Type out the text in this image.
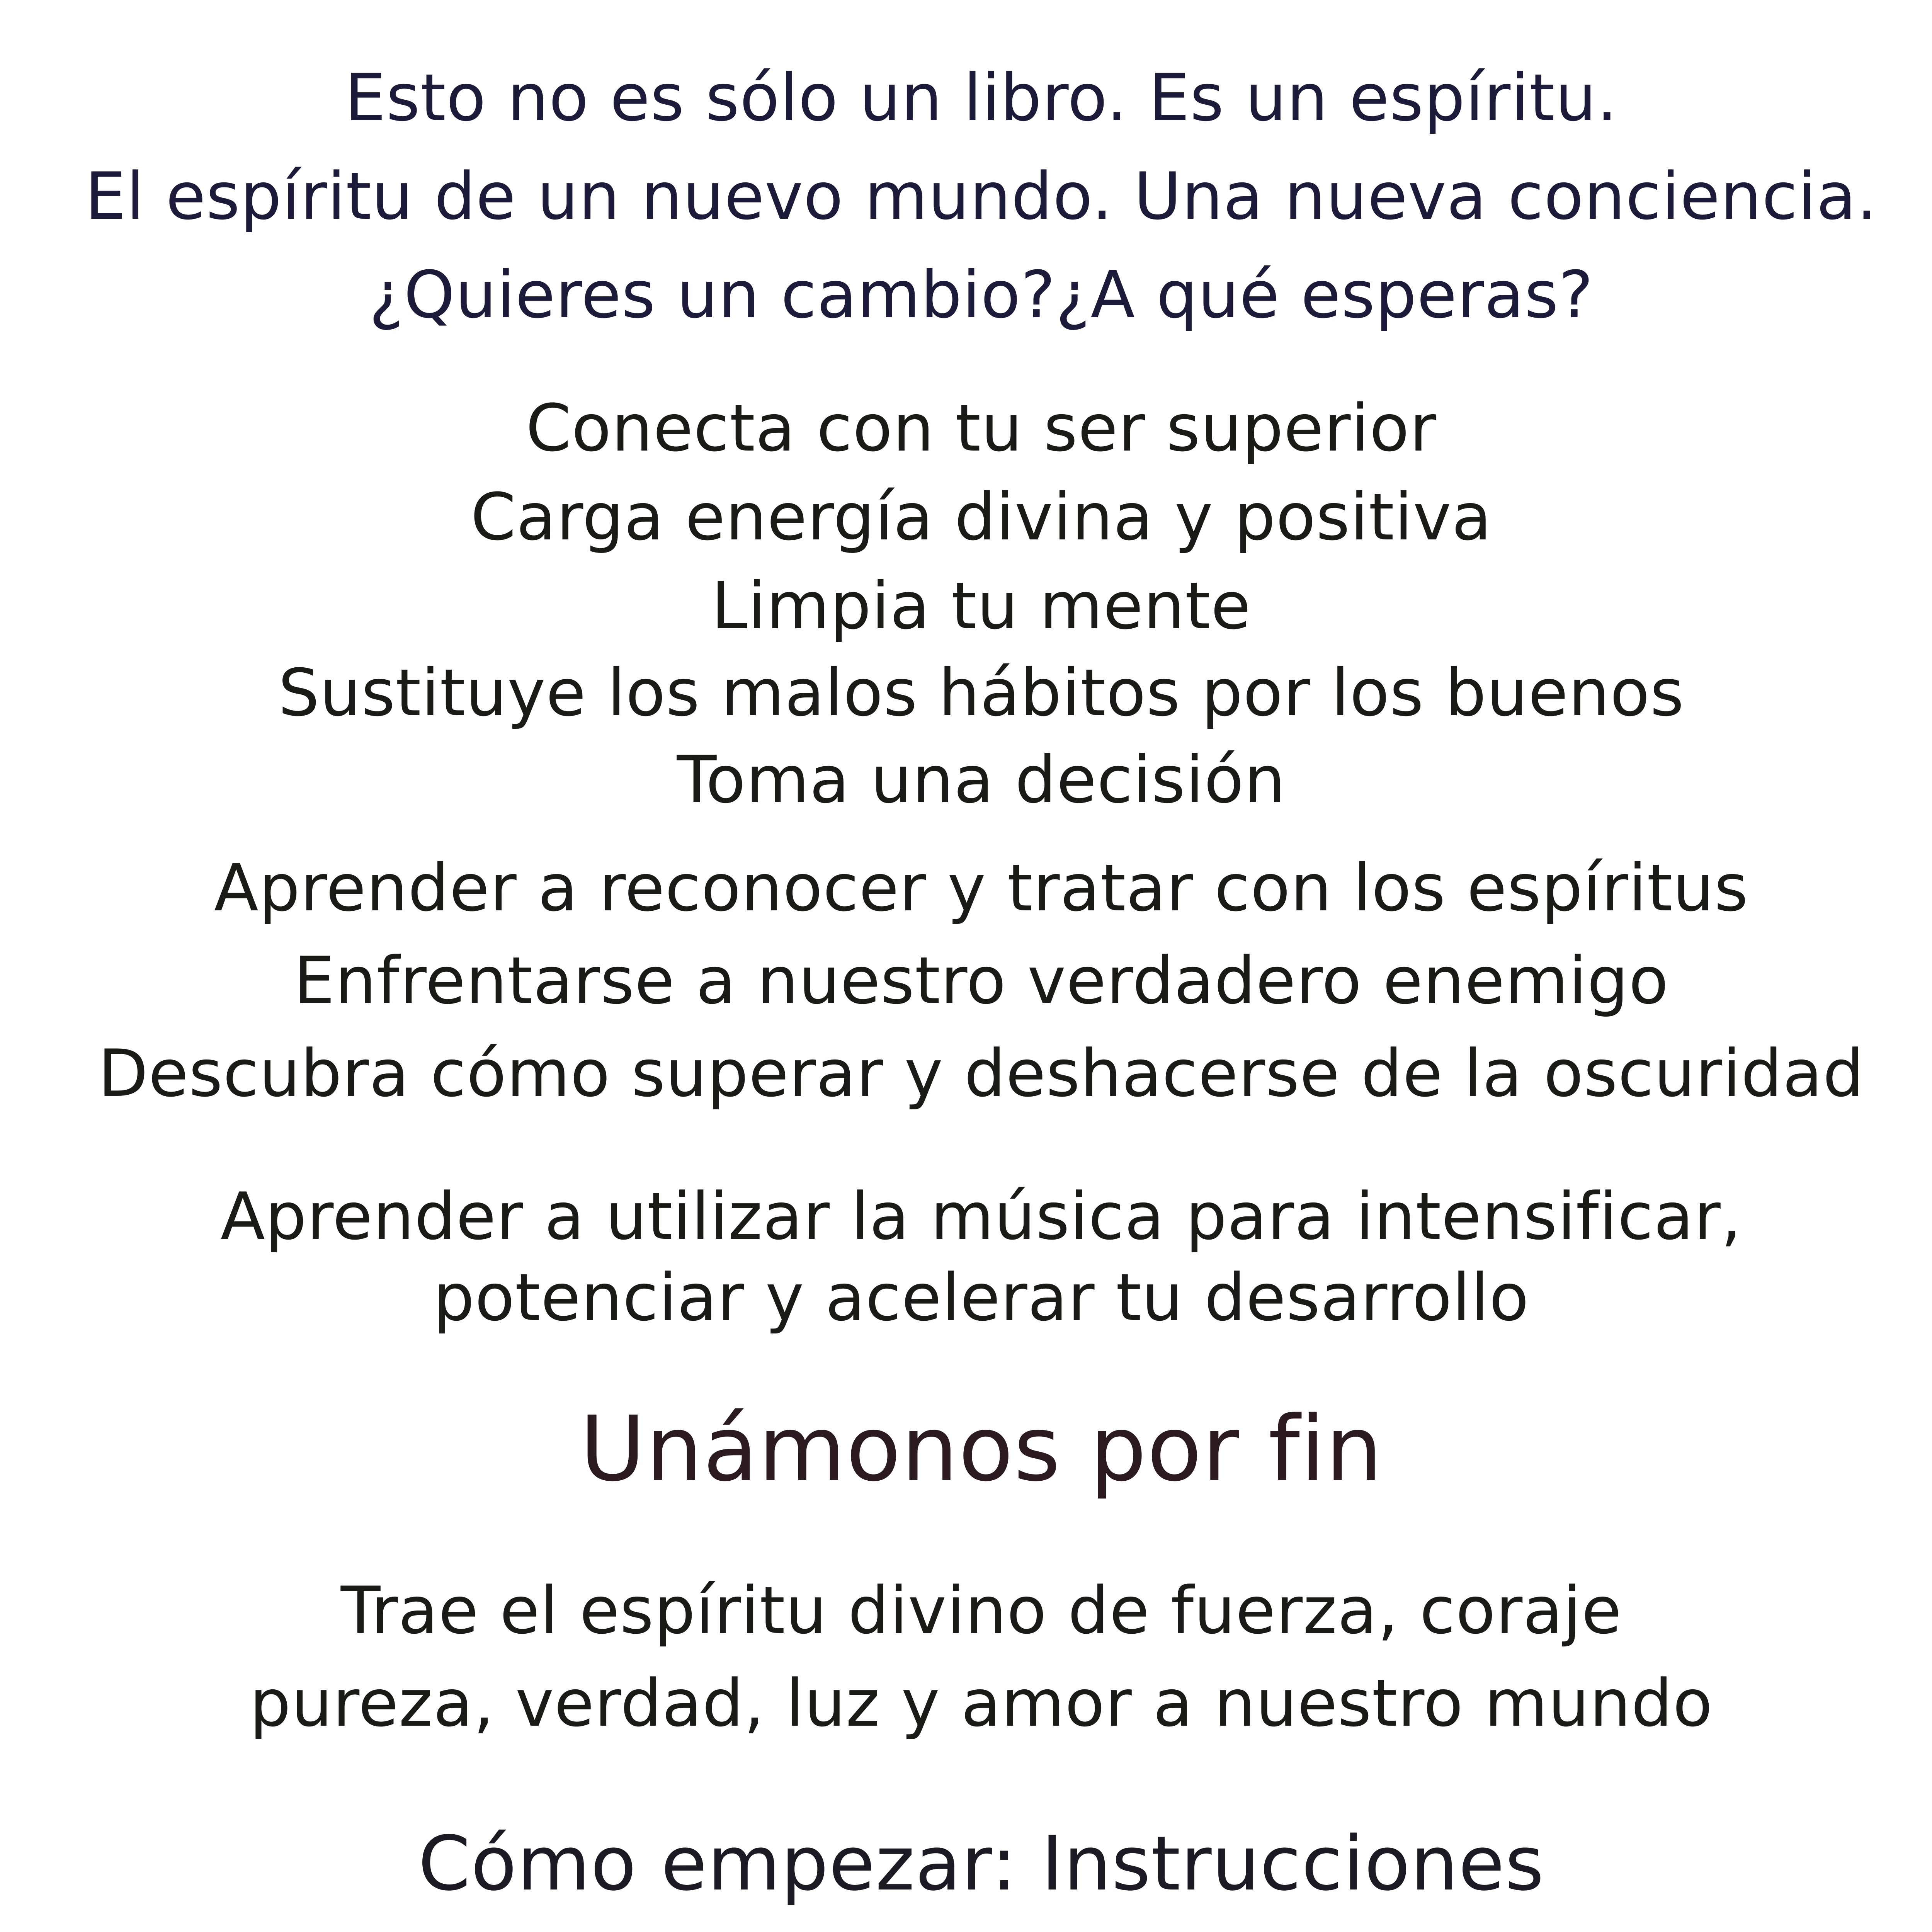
Esto no es sólo un libro. Es un espíritu.
El espíritu de un nuevo mundo. Una nueva conciencia.
¿Quieres un cambio?¿A qué esperas?
Conecta con tu ser superior
Carga energía divina y positiva
Limpia tu mente
Sustituye los malos hábitos por los buenos
Toma una decisión
Aprender a reconocer y tratar con los espíritus
Enfrentarse a nuestro verdadero enemigo
Descubra cómo superar y deshacerse de la oscuridad
Aprender a utilizar la música para intensificar,
potenciar y acelerar tu desarrollo
Unámonos por fin
Trae el espíritu divino de fuerza, coraje
pureza, verdad, luz y amor a nuestro mundo
Cómo empezar: Instrucciones
